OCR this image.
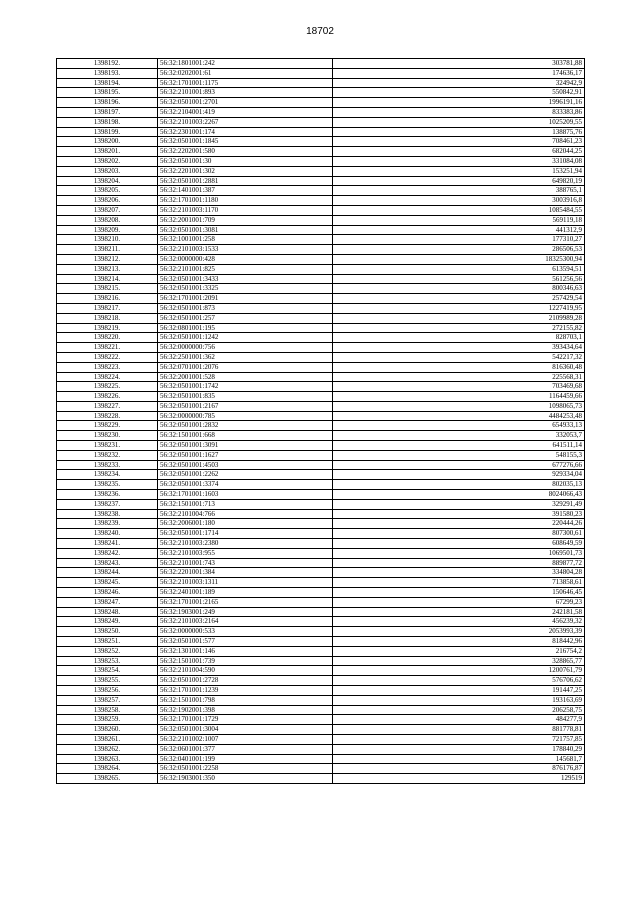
18702
1398192.	56:32:1801001:242	303781,88
1398193.	56:32:0202001:61	174636,17
1398194.	56:32:1701001:1175	324942,9
1398195.	56:32:2101001:893	550842,91
1398196.	56:32:0501001:2701	1996191,16
1398197.	56:32:2104001:419	833383,86
1398198.	56:32:2101003:2267	1025209,55
1398199.	56:32:2301001:174	138875,76
1398200.	56:32:0501001:1845	708461,23
1398201.	56:32:2202001:580	682044,25
1398202.	56:32:0501001:30	331084,08
1398203.	56:32:2201001:302	153251,94
1398204.	56:32:0501001:2881	649820,19
1398205.	56:32:1401001:387	388765,1
1398206.	56:32:1701001:1180	3003916,8
1398207.	56:32:2101003:1170	1085484,55
1398208.	56:32:2001001:709	569119,18
1398209.	56:32:0501001:3081	441312,9
1398210.	56:32:1001001:258	177310,27
1398211.	56:32:2101003:1533	286506,53
1398212.	56:32:0000000:428	18325300,94
1398213.	56:32:2101001:825	613594,51
1398214.	56:32:0501001:3433	561256,56
1398215.	56:32:0501001:3325	800346,63
1398216.	56:32:1701001:2091	257429,54
1398217.	56:32:0501001:873	1227419,95
1398218.	56:32:0501001:257	2109989,28
1398219.	56:32:0801001:195	272155,82
1398220.	56:32:0501001:1242	828703,1
1398221.	56:32:0000000:756	393434,64
1398222.	56:32:2501001:362	542217,32
1398223.	56:32:0701001:2076	816360,48
1398224.	56:32:2001001:528	225568,31
1398225.	56:32:0501001:1742	703469,68
1398226.	56:32:0501001:835	1164459,66
1398227.	56:32:0501001:2167	1098065,73
1398228.	56:32:0000000:785	4484253,48
1398229.	56:32:0501001:2832	654933,13
1398230.	56:32:1501001:668	332053,7
1398231.	56:32:0501001:3091	641511,14
1398232.	56:32:0501001:1627	548155,3
1398233.	56:32:0501001:4503	677276,66
1398234.	56:32:0501001:2262	929334,04
1398235.	56:32:0501001:3374	802035,13
1398236.	56:32:1701001:1603	8024066,43
1398237.	56:32:1501001:713	329291,49
1398238.	56:32:2101004:766	391580,23
1398239.	56:32:2006001:180	220444,26
1398240.	56:32:0501001:1714	807300,61
1398241.	56:32:2101003:2380	608649,59
1398242.	56:32:2101003:955	1069501,73
1398243.	56:32:2101001:743	889877,72
1398244.	56:32:2201001:384	334804,28
1398245.	56:32:2101003:1311	713858,61
1398246.	56:32:2401001:189	150646,45
1398247.	56:32:1701001:2165	67299,23
1398248.	56:32:1903001:249	242181,58
1398249.	56:32:2101003:2164	456239,32
1398250.	56:32:0000000:533	2053993,39
1398251.	56:32:0501001:577	818442,96
1398252.	56:32:1301001:146	216754,2
1398253.	56:32:1501001:739	328865,77
1398254.	56:32:2101004:590	1200761,79
1398255.	56:32:0501001:2728	576706,62
1398256.	56:32:1701001:1239	191447,25
1398257.	56:32:1501001:798	193163,69
1398258.	56:32:1902001:398	206258,75
1398259.	56:32:1701001:1729	484277,9
1398260.	56:32:0501001:3004	881778,81
1398261.	56:32:2101002:1007	721757,85
1398262.	56:32:0601001:377	178840,29
1398263.	56:32:0401001:199	145681,7
1398264.	56:32:0501001:2258	876176,87
1398265.	56:32:1903001:350	129519
